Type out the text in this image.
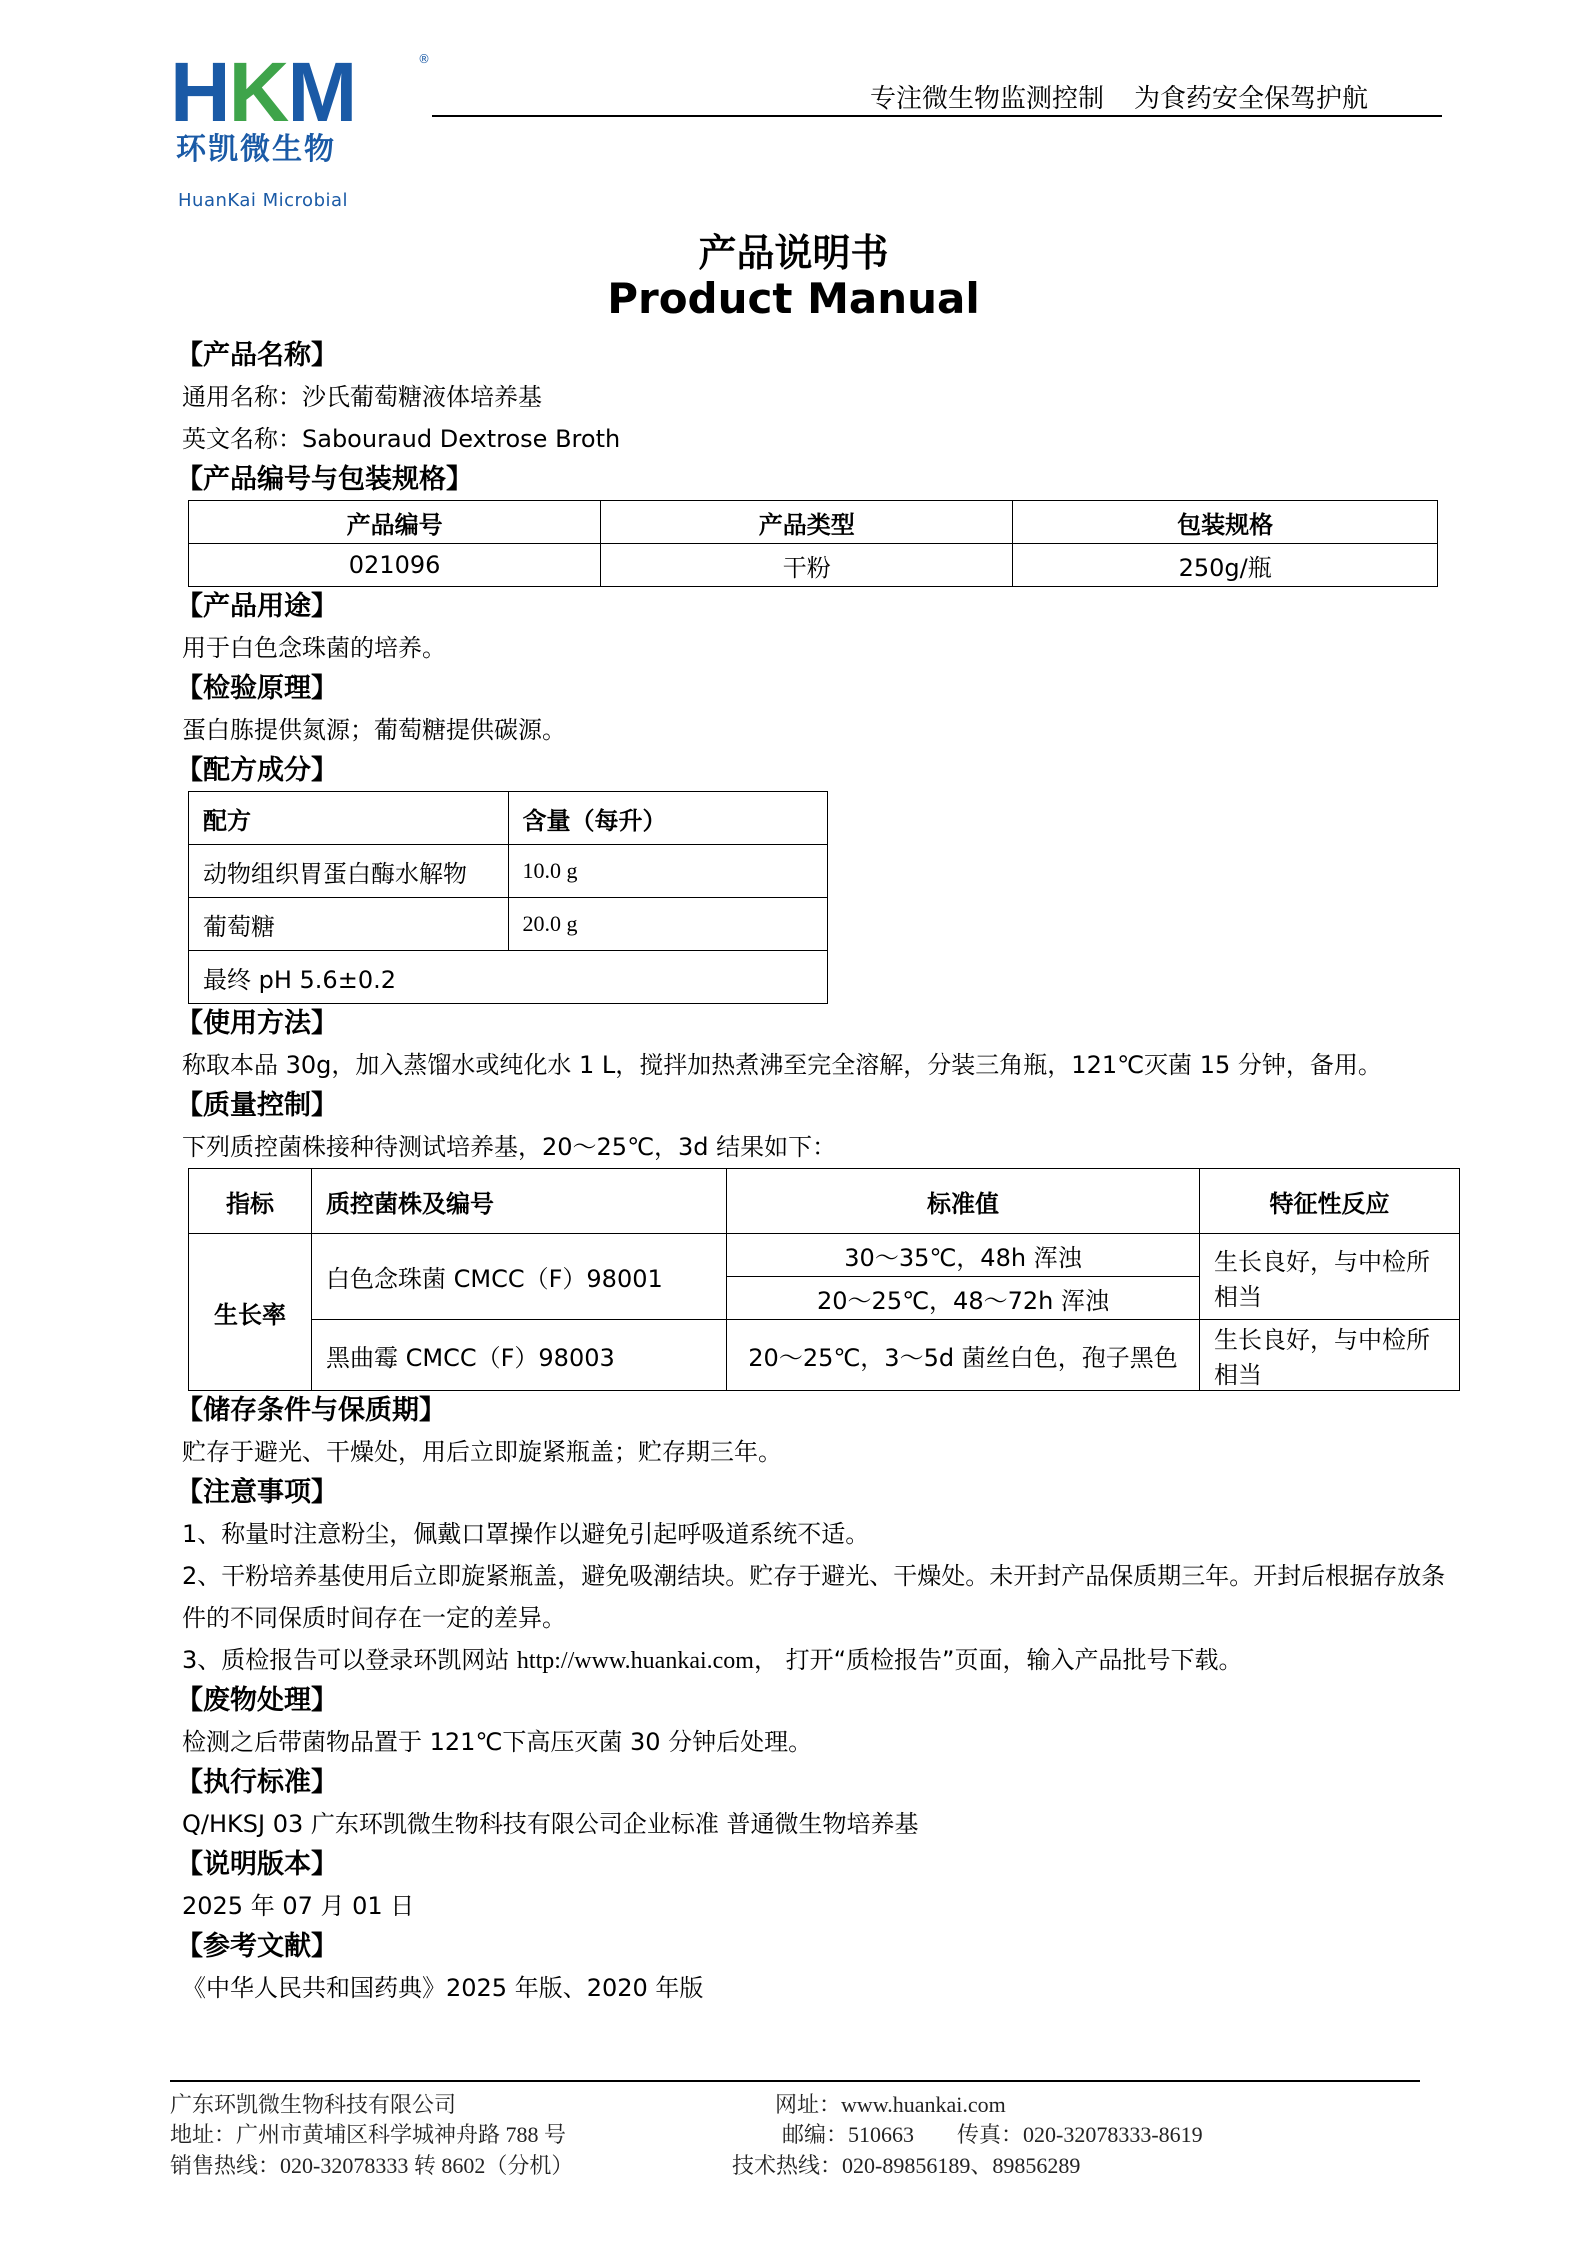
HKM	®
环凯微生物
HuanKai Microbial
专注微生物监测控制 为食药安全保驾护航
产品说明书
Product Manual
【产品名称】
通用名称：沙氏葡萄糖液体培养基
英文名称：Sabouraud Dextrose Broth
【产品编号与包装规格】
产品编号	产品类型	包装规格
021096	干粉	250g/瓶
【产品用途】
用于白色念珠菌的培养。
【检验原理】
蛋白胨提供氮源；葡萄糖提供碳源。
【配方成分】
配方	含量（每升）
动物组织胃蛋白酶水解物	10.0 g
葡萄糖	20.0 g
最终 pH 5.6±0.2	
【使用方法】
称取本品 30g，加入蒸馏水或纯化水 1 L，搅拌加热煮沸至完全溶解，分装三角瓶，121℃灭菌 15 分钟，备用。
【质量控制】
下列质控菌株接种待测试培养基，20～25℃，3d 结果如下：
指标	质控菌株及编号	标准值	特征性反应
生长率	白色念珠菌 CMCC（F）98001	30～35℃，48h 浑浊	生长良好，与中检所相当
		20～25℃，48～72h 浑浊	
	黑曲霉 CMCC（F）98003	20～25℃，3～5d 菌丝白色，孢子黑色	生长良好，与中检所相当
【储存条件与保质期】
贮存于避光、干燥处，用后立即旋紧瓶盖；贮存期三年。
【注意事项】
1、称量时注意粉尘，佩戴口罩操作以避免引起呼吸道系统不适。
2、干粉培养基使用后立即旋紧瓶盖，避免吸潮结块。贮存于避光、干燥处。未开封产品保质期三年。开封后根据存放条
件的不同保质时间存在一定的差异。
3、质检报告可以登录环凯网站 http://www.huankai.com， 打开“质检报告”页面，输入产品批号下载。
【废物处理】
检测之后带菌物品置于 121℃下高压灭菌 30 分钟后处理。
【执行标准】
Q/HKSJ 03 广东环凯微生物科技有限公司企业标准 普通微生物培养基
【说明版本】
2025 年 07 月 01 日
【参考文献】
《中华人民共和国药典》2025 年版、2020 年版
广东环凯微生物科技有限公司	网址：www.huankai.com
地址：广州市黄埔区科学城神舟路 788 号	邮编：510663 传真：020-32078333-8619
销售热线：020-32078333 转 8602（分机）	技术热线：020-89856189、89856289
